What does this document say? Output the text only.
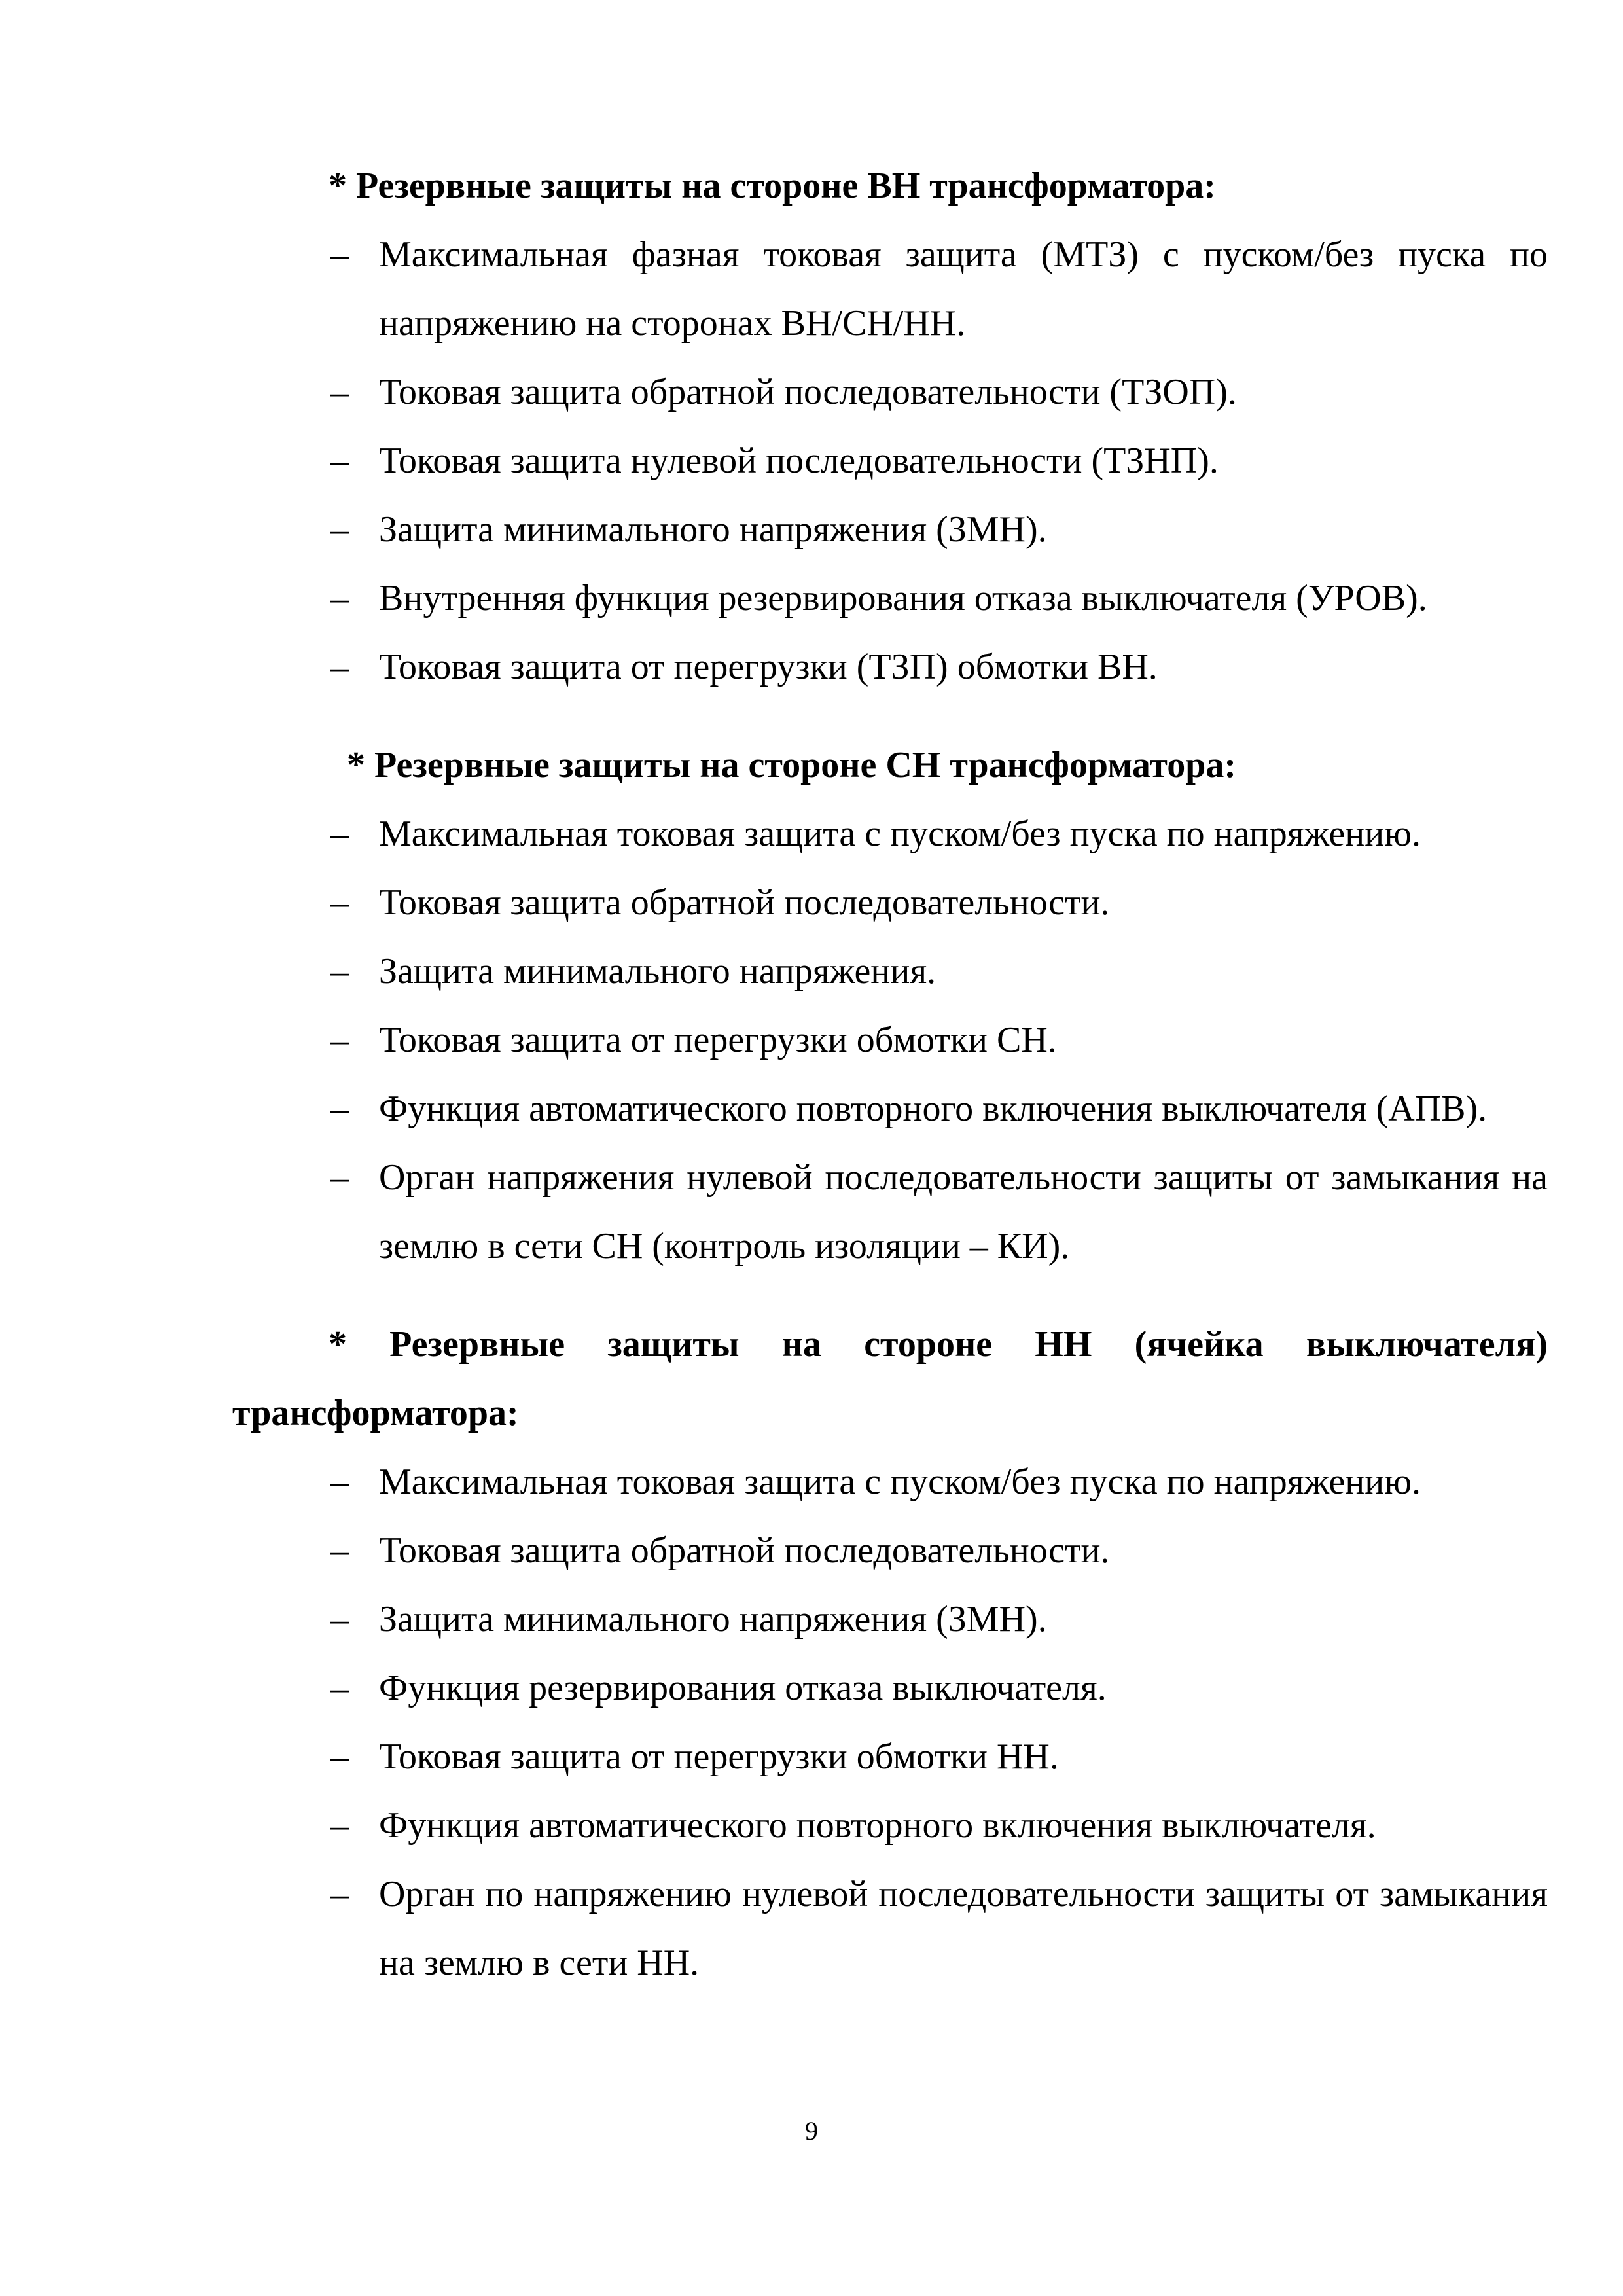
* Резервные защиты на стороне ВН трансформатора:

– Максимальная фазная токовая защита (МТЗ) с пуском/без пуска по напряжению на сторонах ВН/СН/НН.
– Токовая защита обратной последовательности (ТЗОП).
– Токовая защита нулевой последовательности (ТЗНП).
– Защита минимального напряжения (ЗМН).
– Внутренняя функция резервирования отказа выключателя (УРОВ).
– Токовая защита от перегрузки (ТЗП) обмотки ВН.

* Резервные защиты на стороне СН трансформатора:

– Максимальная токовая защита с пуском/без пуска по напряжению.
– Токовая защита обратной последовательности.
– Защита минимального напряжения.
– Токовая защита от перегрузки обмотки СН.
– Функция автоматического повторного включения выключателя (АПВ).
– Орган напряжения нулевой последовательности защиты от замыкания на землю в сети СН (контроль изоляции – КИ).

* Резервные защиты на стороне НН (ячейка выключателя) трансформатора:

– Максимальная токовая защита с пуском/без пуска по напряжению.
– Токовая защита обратной последовательности.
– Защита минимального напряжения (ЗМН).
– Функция резервирования отказа выключателя.
– Токовая защита от перегрузки обмотки НН.
– Функция автоматического повторного включения выключателя.
– Орган по напряжению нулевой последовательности защиты от замыкания на землю в сети НН.
9
